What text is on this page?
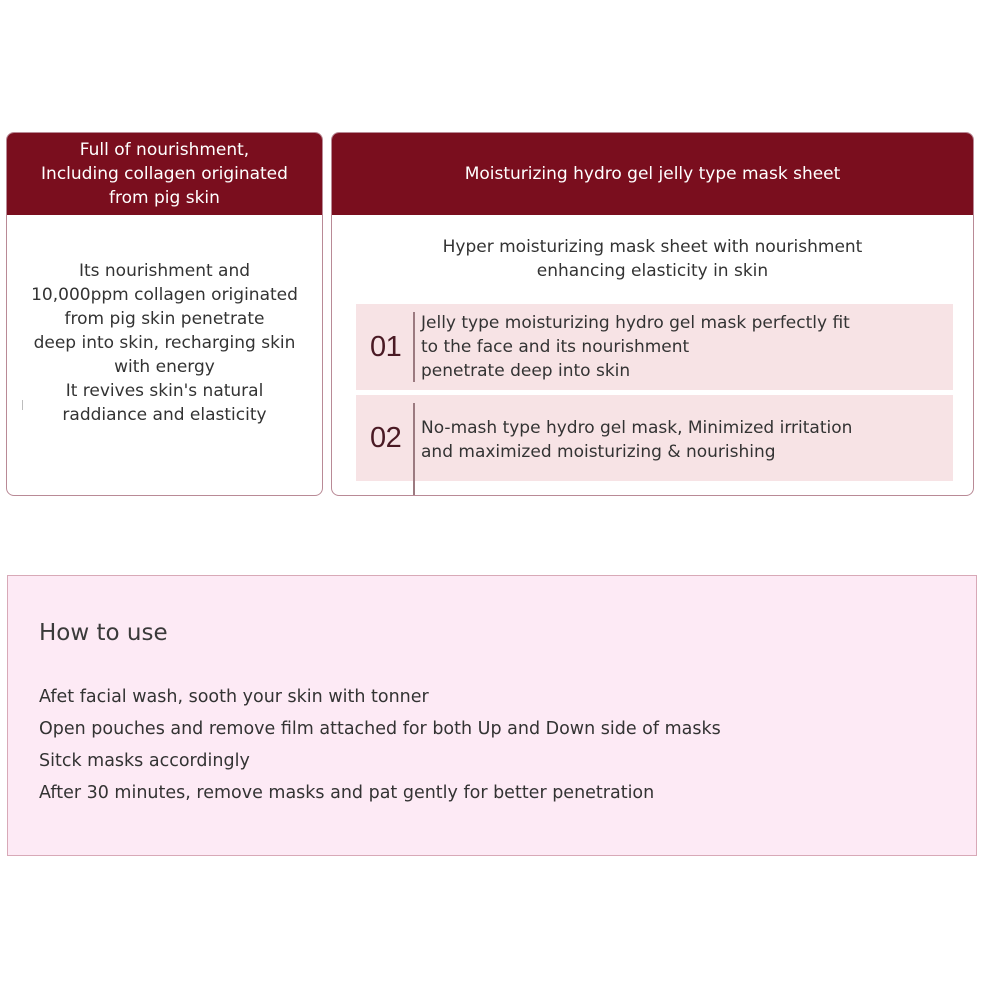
Full of nourishment,
Including collagen originated
from pig skin
Its nourishment and
10,000ppm collagen originated
from pig skin penetrate
deep into skin, recharging skin
with energy
It revives skin's natural
raddiance and elasticity
Moisturizing hydro gel jelly type mask sheet
Hyper moisturizing mask sheet with nourishment
enhancing elasticity in skin
01
Jelly type moisturizing hydro gel mask perfectly fit
to the face and its nourishment
penetrate deep into skin
02	No-mash type hydro gel mask, Minimized irritation
and maximized moisturizing & nourishing
How to use
Afet facial wash, sooth your skin with tonner
Open pouches and remove film attached for both Up and Down side of masks
Sitck masks accordingly
After 30 minutes, remove masks and pat gently for better penetration
